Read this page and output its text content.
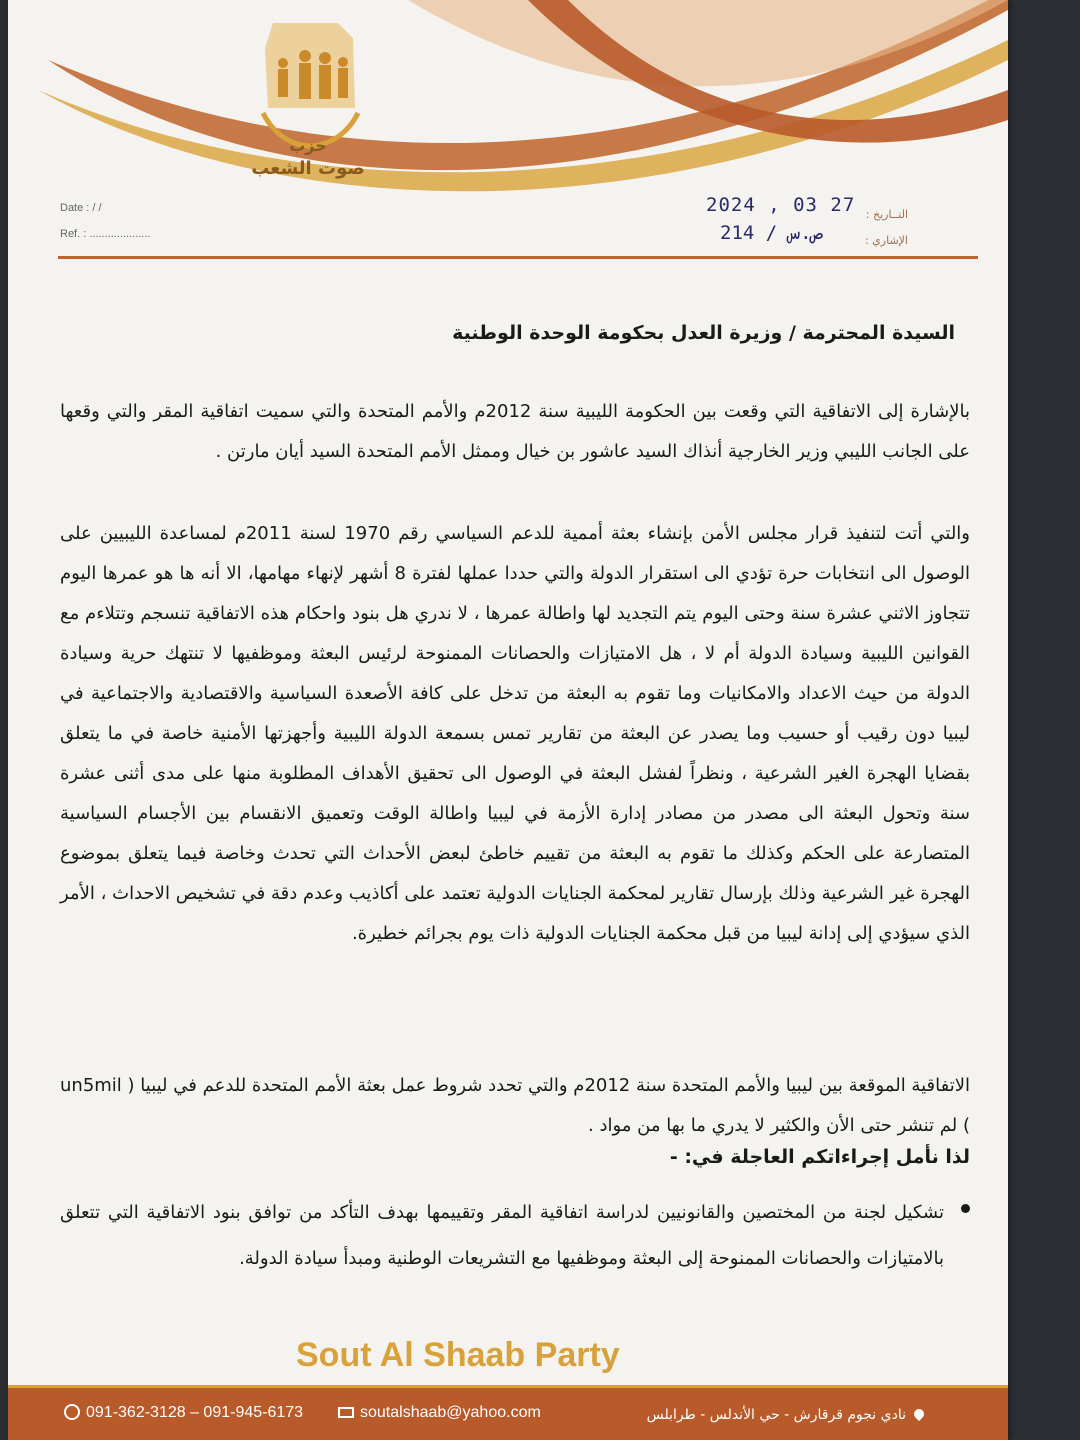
حزب
صوت الشعب
Date : / /
Ref. : ....................
التــاريخ :
الإشاري :
2024 , 03 27
214 / ص.س
السيدة المحترمة / وزيرة العدل بحكومة الوحدة الوطنية
بالإشارة إلى الاتفاقية التي وقعت بين الحكومة الليبية سنة 2012م والأمم المتحدة والتي سميت اتفاقية المقر والتي وقعها على الجانب الليبي وزير الخارجية أنذاك السيد عاشور بن خيال وممثل الأمم المتحدة السيد أيان مارتن .
والتي أتت لتنفيذ قرار مجلس الأمن بإنشاء بعثة أممية للدعم السياسي رقم 1970 لسنة 2011م لمساعدة الليبيين على الوصول الى انتخابات حرة تؤدي الى استقرار الدولة والتي حددا عملها لفترة 8 أشهر لإنهاء مهامها، الا أنه ها هو عمرها اليوم تتجاوز الاثني عشرة سنة وحتى اليوم يتم التجديد لها واطالة عمرها ، لا ندري هل بنود واحكام هذه الاتفاقية تنسجم وتتلاءم مع القوانين الليبية وسيادة الدولة أم لا ، هل الامتيازات والحصانات الممنوحة لرئيس البعثة وموظفيها لا تنتهك حرية وسيادة الدولة من حيث الاعداد والامكانيات وما تقوم به البعثة من تدخل على كافة الأصعدة السياسية والاقتصادية والاجتماعية في ليبيا دون رقيب أو حسيب وما يصدر عن البعثة من تقارير تمس بسمعة الدولة الليبية وأجهزتها الأمنية خاصة في ما يتعلق بقضايا الهجرة الغير الشرعية ، ونظراً لفشل البعثة في الوصول الى تحقيق الأهداف المطلوبة منها على مدى أثنى عشرة سنة وتحول البعثة الى مصدر من مصادر إدارة الأزمة في ليبيا واطالة الوقت وتعميق الانقسام بين الأجسام السياسية المتصارعة على الحكم وكذلك ما تقوم به البعثة من تقييم خاطئ لبعض الأحداث التي تحدث وخاصة فيما يتعلق بموضوع الهجرة غير الشرعية وذلك بإرسال تقارير لمحكمة الجنايات الدولية تعتمد على أكاذيب وعدم دقة في تشخيص الاحداث ، الأمر الذي سيؤدي إلى إدانة ليبيا من قبل محكمة الجنايات الدولية ذات يوم بجرائم خطيرة.
الاتفاقية الموقعة بين ليبيا والأمم المتحدة سنة 2012م والتي تحدد شروط عمل بعثة الأمم المتحدة للدعم في ليبيا ( un5mil ) لم تنشر حتى الأن والكثير لا يدري ما بها من مواد .
لذا نأمل إجراءاتكم العاجلة في: -
تشكيل لجنة من المختصين والقانونيين لدراسة اتفاقية المقر وتقييمها بهدف التأكد من توافق بنود الاتفاقية التي تتعلق بالامتيازات والحصانات الممنوحة إلى البعثة وموظفيها مع التشريعات الوطنية ومبدأ سيادة الدولة.
Sout Al Shaab Party
091-362-3128 – 091-945-6173	soutalshaab@yahoo.com	نادي نجوم قرقارش - حي الأندلس - طرابلس
